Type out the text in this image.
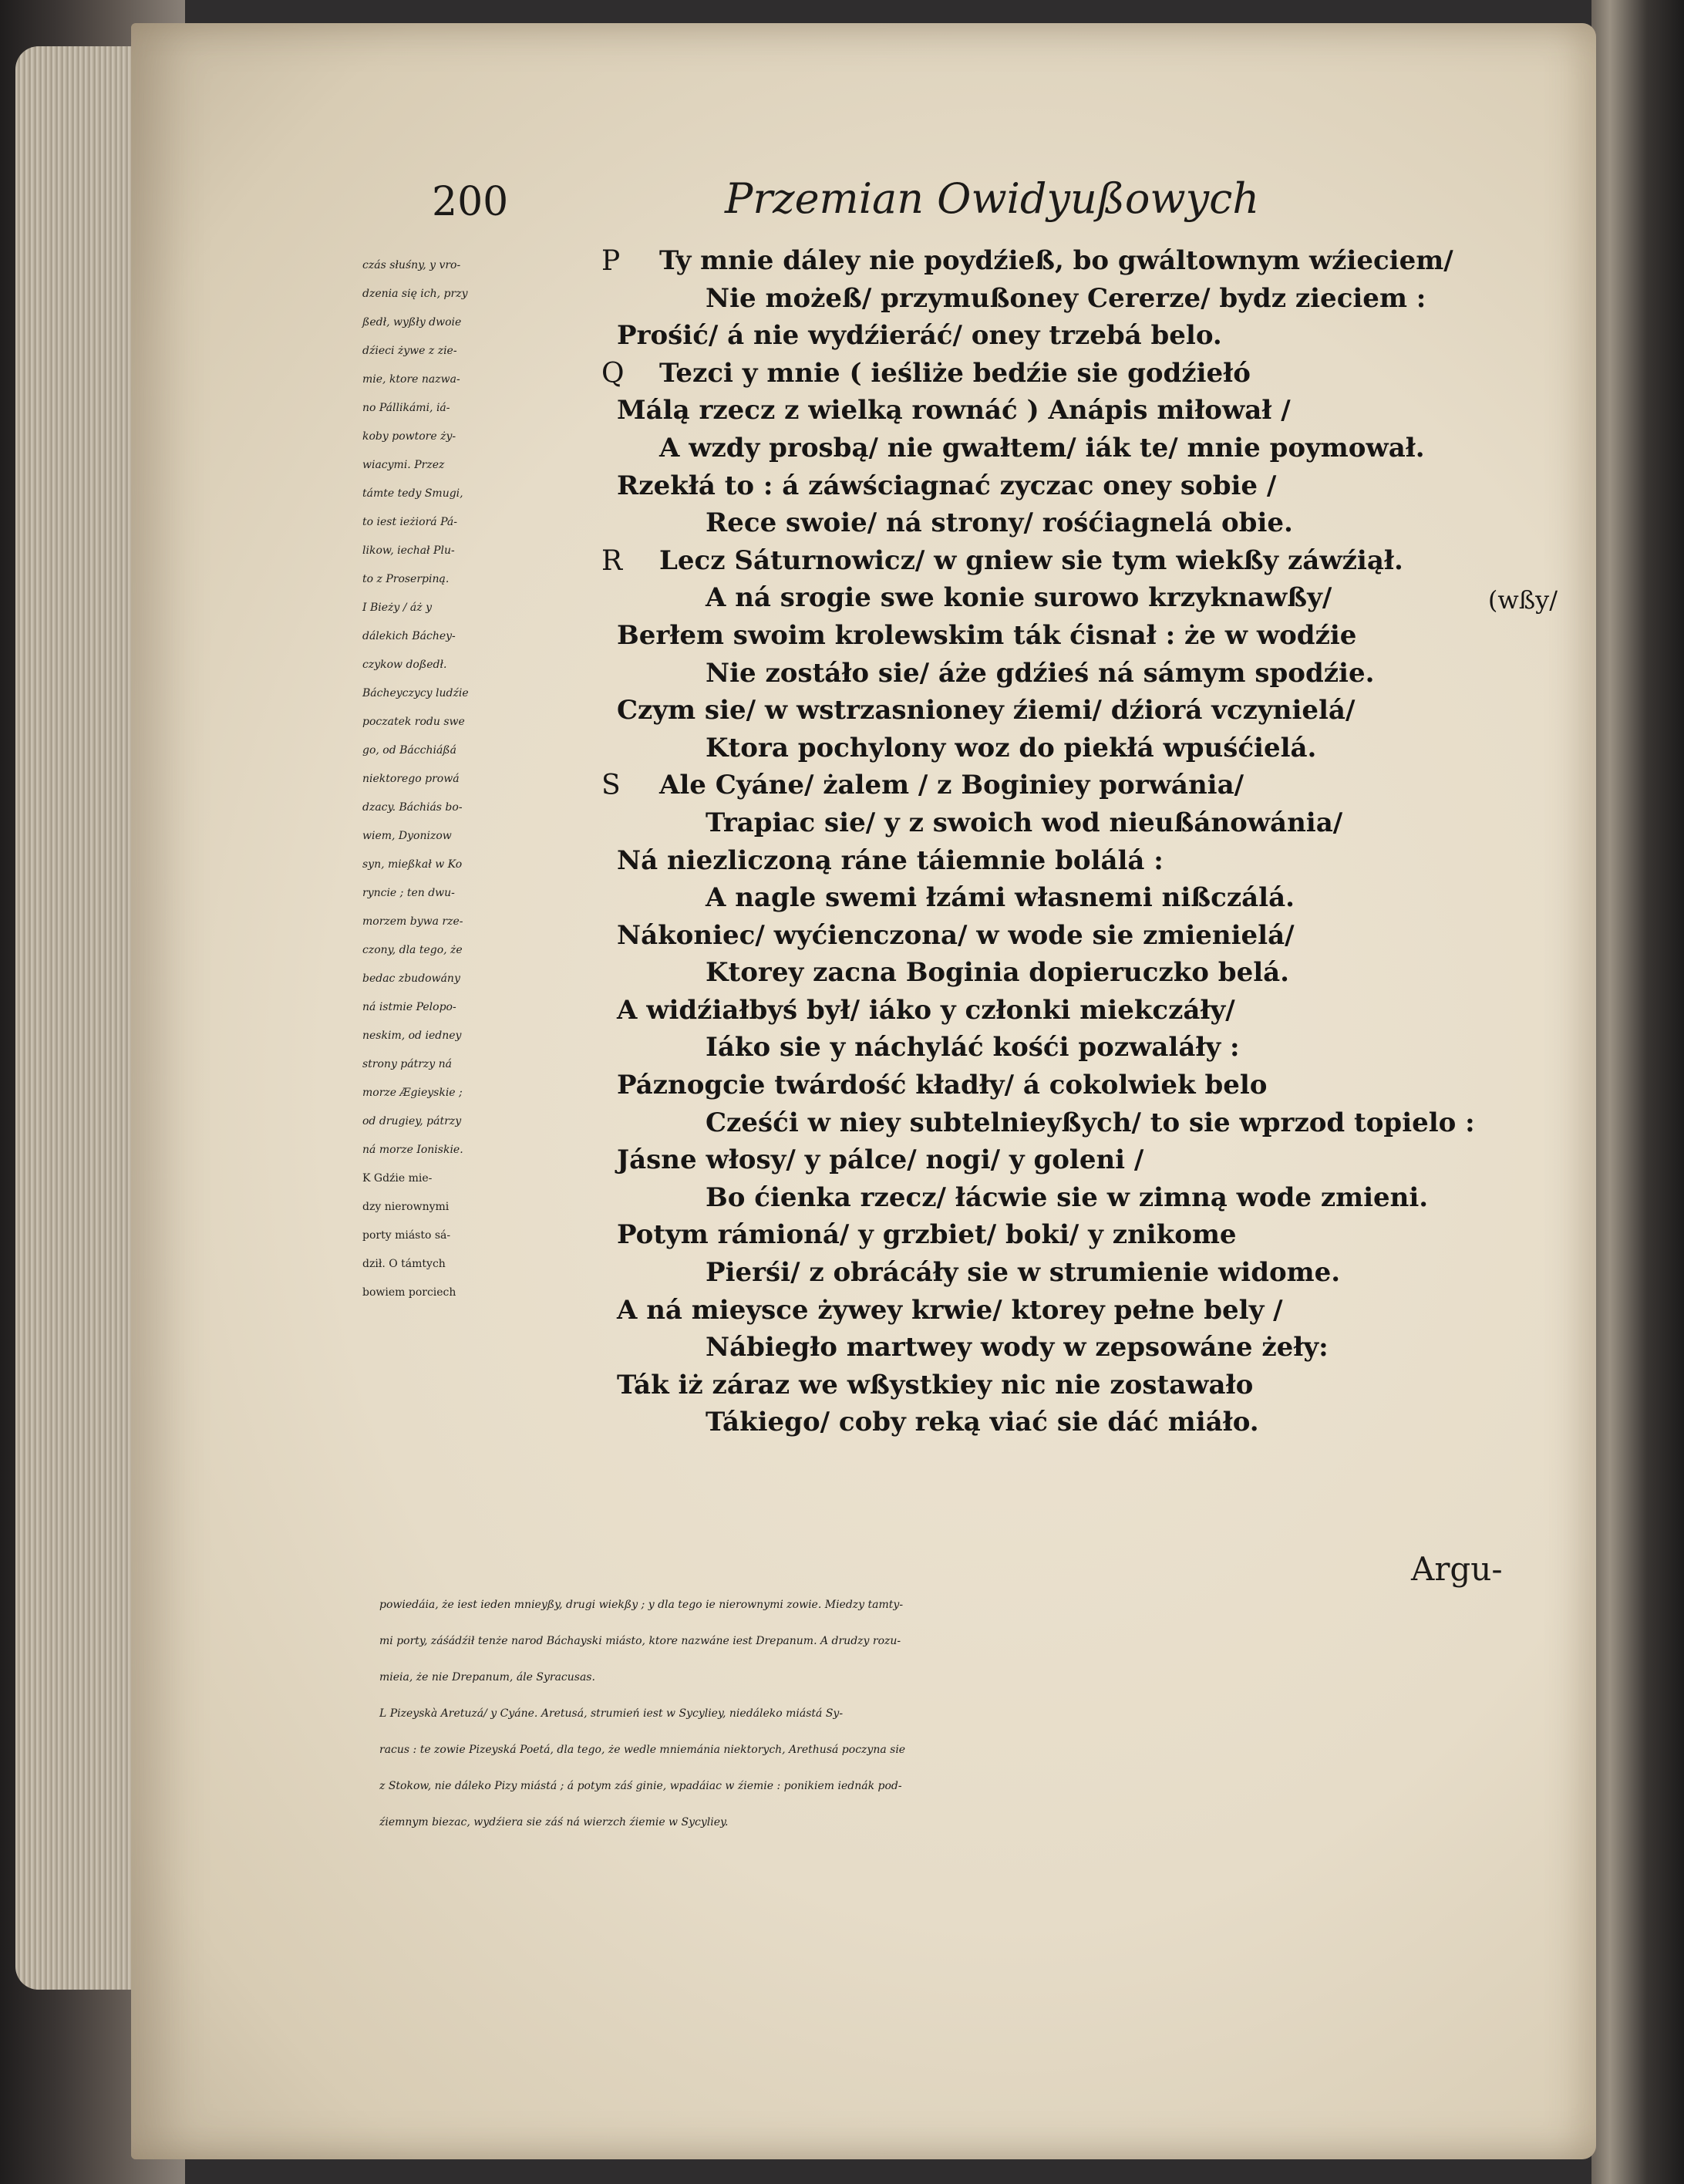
200	Przemian Owidyußowych
czás słuśny, y vro-
dzenia się ich, przy
ßedł, wyßły dwoie
dźieci żywe z zie-
mie, ktore nazwa-
no Pállikámi, iá-
koby powtore ży-
wiacymi. Przez
támte tedy Smugi,
to iest ieżiorá Pá-
likow, iechał Plu-
to z Proserpiną.
I Bieży / áż y
dálekich Báchey-
czykow doßedł.
Bácheyczycy ludźie
poczatek rodu swe
go, od Bácchiáßá
niektorego prowá
dzacy. Báchiás bo-
wiem, Dyonizow
syn, mießkał w Ko
ryncie ; ten dwu-
morzem bywa rze-
czony, dla tego, że
bedac zbudowány
ná istmie Pelopo-
neskim, od iedney
strony pátrzy ná
morze Ægieyskie ;
od drugiey, pátrzy
ná morze Ioniskie.
K Gdźie mie-
dzy nierownymi
porty miásto sá-
dził. O támtych
bowiem porciech
P Ty mnie dáley nie poydźieß, bo gwáltownym wźieciem/
Nie możeß/ przymußoney Cererze/ bydz zieciem :
Prośić/ á nie wydźieráć/ oney trzebá belo.
Q Tezci y mnie ( ieśliże bedźie sie godźiełó
Málą rzecz z wielką rownáć ) Anápis miłował /
A wzdy prosbą/ nie gwałtem/ iák te/ mnie poymował.
Rzekłá to : á záwściagnać zyczac oney sobie /
Rece swoie/ ná strony/ rośćiagnelá obie.
R Lecz Sáturnowicz/ w gniew sie tym wiekßy záwźiął.
A ná srogie swe konie surowo krzyknawßy/	(wßy/
Berłem swoim krolewskim ták ćisnał : że w wodźie
Nie zostáło sie/ áże gdźieś ná sámym spodźie.
Czym sie/ w wstrzasnioney źiemi/ dźiorá vczynielá/
Ktora pochylony woz do piekłá wpuśćielá.
S Ale Cyáne/ żalem / z Boginiey porwánia/
Trapiac sie/ y z swoich wod nieußánowánia/
Ná niezliczoną ráne táiemnie bolálá :
A nagle swemi łzámi własnemi nißczálá.
Nákoniec/ wyćienczona/ w wode sie zmienielá/
Ktorey zacna Boginia dopieruczko belá.
A widźiałbyś był/ iáko y członki miekczáły/
Iáko sie y náchyláć kośći pozwaláły :
Páznogcie twárdość kładły/ á cokolwiek belo
Cześći w niey subtelnieyßych/ to sie wprzod topielo :
Jásne włosy/ y pálce/ nogi/ y goleni /
Bo ćienka rzecz/ łácwie sie w zimną wode zmieni.
Potym rámioná/ y grzbiet/ boki/ y znikome
Pierśi/ z obrácáły sie w strumienie widome.
A ná mieysce żywey krwie/ ktorey pełne bely /
Nábiegło martwey wody w zepsowáne żeły:
Ták iż záraz we wßystkiey nic nie zostawało
Tákiego/ coby reką viać sie dáć miáło.
Argu-
powiedáia, że iest ieden mnieyßy, drugi wiekßy ; y dla tego ie nierownymi zowie. Miedzy tamty-
mi porty, záśádźił tenże narod Báchayski miásto, ktore nazwáne iest Drepanum. A drudzy rozu-
mieia, że nie Drepanum, ále Syracusas.
L Pizeyskà Aretuzá/ y Cyáne. Aretusá, strumień iest w Sycyliey, niedáleko miástá Sy-
racus : te zowie Pizeyská Poetá, dla tego, że wedle mniemánia niektorych, Arethusá poczyna sie
z Stokow, nie dáleko Pizy miástá ; á potym záś ginie, wpadáiac w źiemie : ponikiem iednák pod-
źiemnym biezac, wydźiera sie záś ná wierzch źiemie w Sycyliey.
